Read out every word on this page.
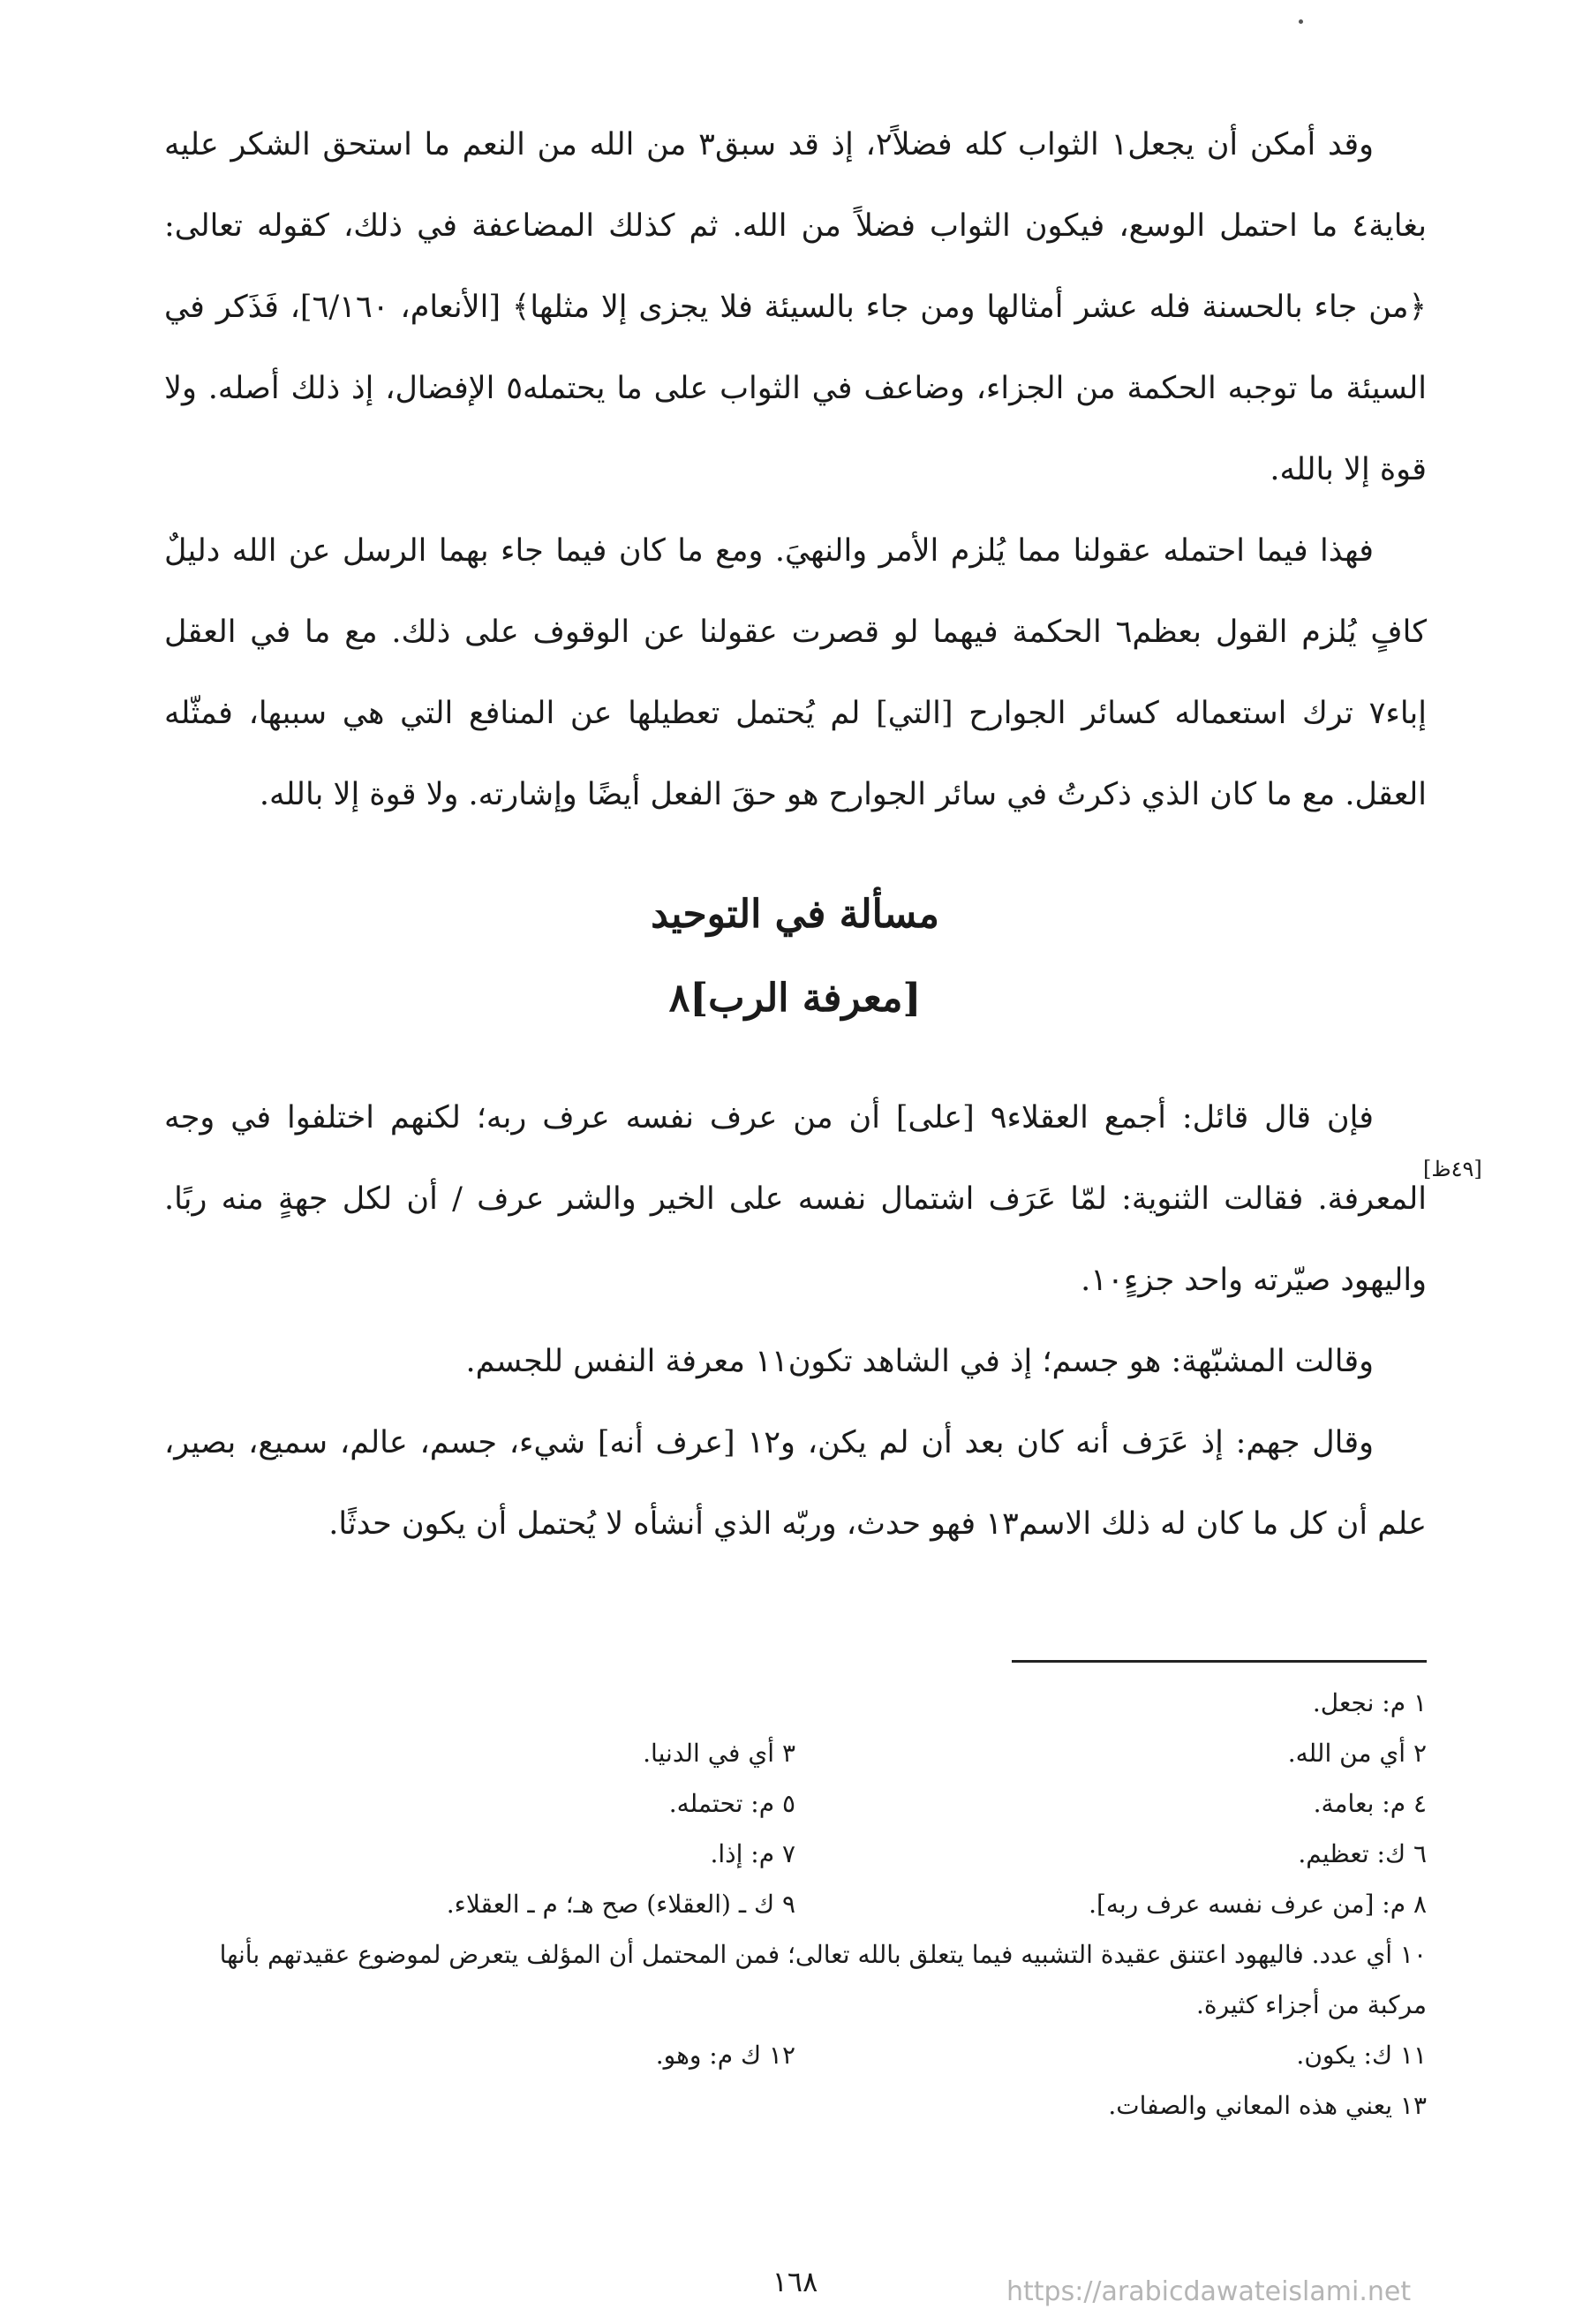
وقد أمكن أن يجعل١ الثواب كله فضلاً٢، إذ قد سبق٣ من الله من النعم ما استحق الشكر عليه بغاية٤ ما احتمل الوسع، فيكون الثواب فضلاً من الله. ثم كذلك المضاعفة في ذلك، كقوله تعالى: ﴿من جاء بالحسنة فله عشر أمثالها ومن جاء بالسيئة فلا يجزى إلا مثلها﴾ [الأنعام، ٦/١٦٠]، فَذَكر في السيئة ما توجبه الحكمة من الجزاء، وضاعف في الثواب على ما يحتمله٥ الإفضال، إذ ذلك أصله. ولا قوة إلا بالله.

فهذا فيما احتمله عقولنا مما يُلزم الأمر والنهيَ. ومع ما كان فيما جاء بهما الرسل عن الله دليلٌ كافٍ يُلزم القول بعظم٦ الحكمة فيهما لو قصرت عقولنا عن الوقوف على ذلك. مع ما في العقل إباء٧ ترك استعماله كسائر الجوارح [التي] لم يُحتمل تعطيلها عن المنافع التي هي سببها، فمثّله العقل. مع ما كان الذي ذكرتُ في سائر الجوارح هو حقَ الفعل أيضًا وإشارته. ولا قوة إلا بالله.

مسألة في التوحيد
[معرفة الرب]٨

فإن قال قائل: أجمع العقلاء٩ [على] أن من عرف نفسه عرف ربه؛ لكنهم اختلفوا في وجه المعرفة. فقالت الثنوية: لمّا عَرَف اشتمال نفسه على الخير والشر عرف / أن لكل جهةٍ منه ربًا. واليهود صيّرته واحد جزءٍ١٠.

وقالت المشبّهة: هو جسم؛ إذ في الشاهد تكون١١ معرفة النفس للجسم.

وقال جهم: إذ عَرَف أنه كان بعد أن لم يكن، و١٢ [عرف أنه] شيء، جسم، عالم، سميع، بصير، علم أن كل ما كان له ذلك الاسم١٣ فهو حدث، وربّه الذي أنشأه لا يُحتمل أن يكون حدثًا.

[٤٩ظ]
١ م: نجعل.
٢ أي من الله.
٣ أي في الدنيا.
٤ م: بعامة.
٥ م: تحتمله.
٦ ك: تعظيم.
٧ م: إذا.
٨ م: [من عرف نفسه عرف ربه].
٩ ك ـ (العقلاء) صح هـ؛ م ـ العقلاء.
١٠ أي عدد. فاليهود اعتنق عقيدة التشبيه فيما يتعلق بالله تعالى؛ فمن المحتمل أن المؤلف يتعرض لموضوع عقيدتهم بأنها مركبة من أجزاء كثيرة.
١١ ك: يكون.
١٢ ك م: وهو.
١٣ يعني هذه المعاني والصفات.
١٦٨	https://arabicdawateislami.net
